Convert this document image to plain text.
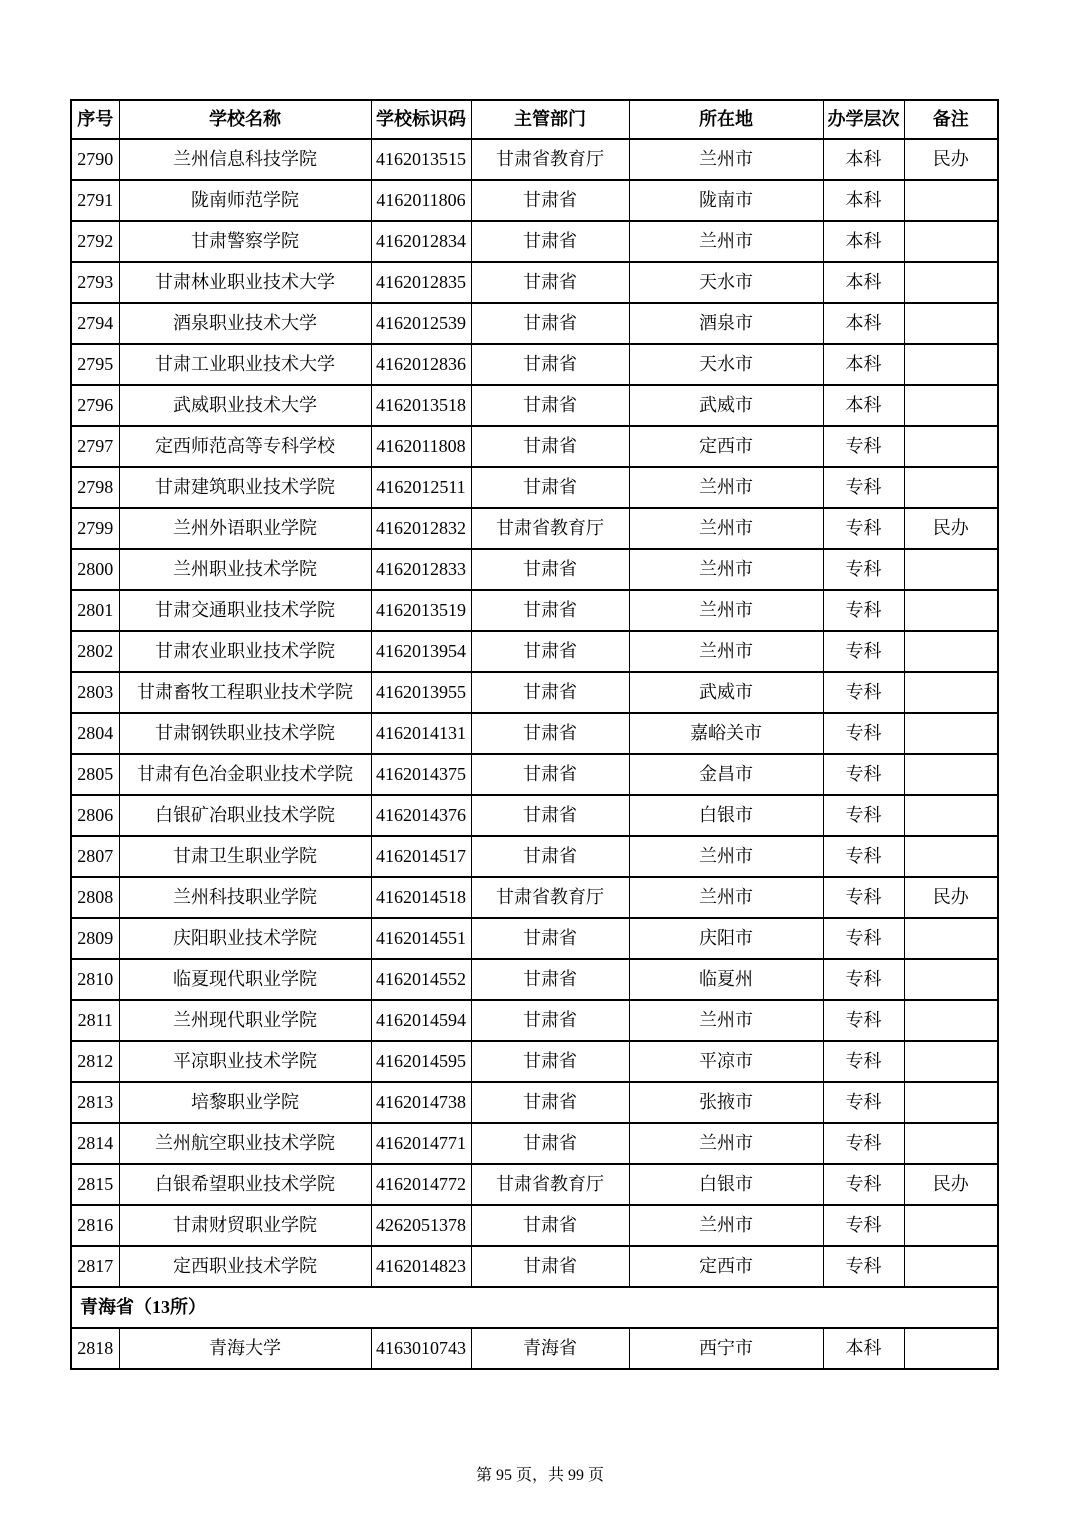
序号	学校名称	学校标识码	主管部门	所在地	办学层次	备注
2790	兰州信息科技学院	4162013515	甘肃省教育厅	兰州市	本科	民办
2791	陇南师范学院	4162011806	甘肃省	陇南市	本科	
2792	甘肃警察学院	4162012834	甘肃省	兰州市	本科	
2793	甘肃林业职业技术大学	4162012835	甘肃省	天水市	本科	
2794	酒泉职业技术大学	4162012539	甘肃省	酒泉市	本科	
2795	甘肃工业职业技术大学	4162012836	甘肃省	天水市	本科	
2796	武威职业技术大学	4162013518	甘肃省	武威市	本科	
2797	定西师范高等专科学校	4162011808	甘肃省	定西市	专科	
2798	甘肃建筑职业技术学院	4162012511	甘肃省	兰州市	专科	
2799	兰州外语职业学院	4162012832	甘肃省教育厅	兰州市	专科	民办
2800	兰州职业技术学院	4162012833	甘肃省	兰州市	专科	
2801	甘肃交通职业技术学院	4162013519	甘肃省	兰州市	专科	
2802	甘肃农业职业技术学院	4162013954	甘肃省	兰州市	专科	
2803	甘肃畜牧工程职业技术学院	4162013955	甘肃省	武威市	专科	
2804	甘肃钢铁职业技术学院	4162014131	甘肃省	嘉峪关市	专科	
2805	甘肃有色冶金职业技术学院	4162014375	甘肃省	金昌市	专科	
2806	白银矿冶职业技术学院	4162014376	甘肃省	白银市	专科	
2807	甘肃卫生职业学院	4162014517	甘肃省	兰州市	专科	
2808	兰州科技职业学院	4162014518	甘肃省教育厅	兰州市	专科	民办
2809	庆阳职业技术学院	4162014551	甘肃省	庆阳市	专科	
2810	临夏现代职业学院	4162014552	甘肃省	临夏州	专科	
2811	兰州现代职业学院	4162014594	甘肃省	兰州市	专科	
2812	平凉职业技术学院	4162014595	甘肃省	平凉市	专科	
2813	培黎职业学院	4162014738	甘肃省	张掖市	专科	
2814	兰州航空职业技术学院	4162014771	甘肃省	兰州市	专科	
2815	白银希望职业技术学院	4162014772	甘肃省教育厅	白银市	专科	民办
2816	甘肃财贸职业学院	4262051378	甘肃省	兰州市	专科	
2817	定西职业技术学院	4162014823	甘肃省	定西市	专科	
青海省（13所）						
2818	青海大学	4163010743	青海省	西宁市	本科	
第 95 页，共 99 页
